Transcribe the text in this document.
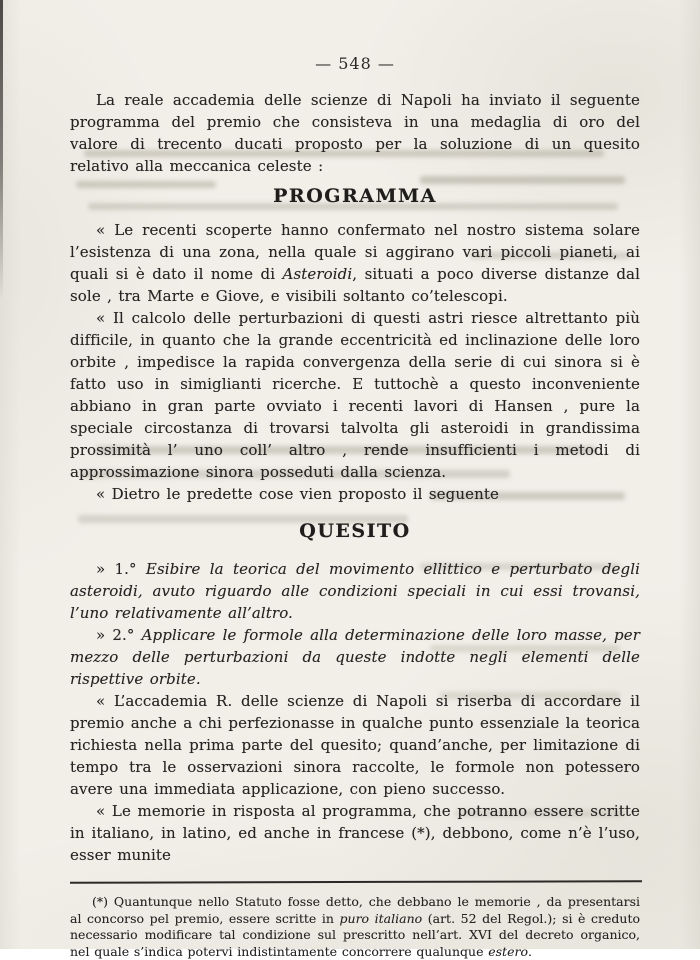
— 548 —

La reale accademia delle scienze di Napoli ha inviato il seguente programma del premio che consisteva in una medaglia di oro del valore di trecento ducati proposto per la soluzione di un quesito relativo alla meccanica celeste :

PROGRAMMA

« Le recenti scoperte hanno confermato nel nostro sistema solare l’esistenza di una zona, nella quale si aggirano vari piccoli pianeti, ai quali si è dato il nome di Asteroidi, situati a poco diverse distanze dal sole , tra Marte e Giove, e visibili soltanto co’telescopi.

« Il calcolo delle perturbazioni di questi astri riesce altrettanto più difficile, in quanto che la grande eccentricità ed inclinazione delle loro orbite , impedisce la rapida convergenza della serie di cui sinora si è fatto uso in simiglianti ricerche. E tuttochè a questo inconveniente abbiano in gran parte ovviato i recenti lavori di Hansen , pure la speciale circostanza di trovarsi talvolta gli asteroidi in grandissima prossimità l’ uno coll’ altro , rende insufficienti i metodi di approssimazione sinora posseduti dalla scienza.

« Dietro le predette cose vien proposto il seguente

QUESITO

» 1.° Esibire la teorica del movimento ellittico e perturbato degli asteroidi, avuto riguardo alle condizioni speciali in cui essi trovansi, l’uno relativamente all’altro.

» 2.° Applicare le formole alla determinazione delle loro masse, per mezzo delle perturbazioni da queste indotte negli elementi delle rispettive orbite.

« L’accademia R. delle scienze di Napoli si riserba di accordare il premio anche a chi perfezionasse in qualche punto essenziale la teorica richiesta nella prima parte del quesito; quand’anche, per limitazione di tempo tra le osservazioni sinora raccolte, le formole non potessero avere una immediata applicazione, con pieno successo.

« Le memorie in risposta al programma, che potranno essere scritte in italiano, in latino, ed anche in francese (*), debbono, come n’è l’uso, esser munite

(*) Quantunque nello Statuto fosse detto, che debbano le memorie , da presentarsi al concorso pel premio, essere scritte in puro italiano (art. 52 del Regol.); si è creduto necessario modificare tal condizione sul prescritto nell’art. XVI del decreto organico, nel quale s’indica potervi indistintamente concorrere qualunque estero.
